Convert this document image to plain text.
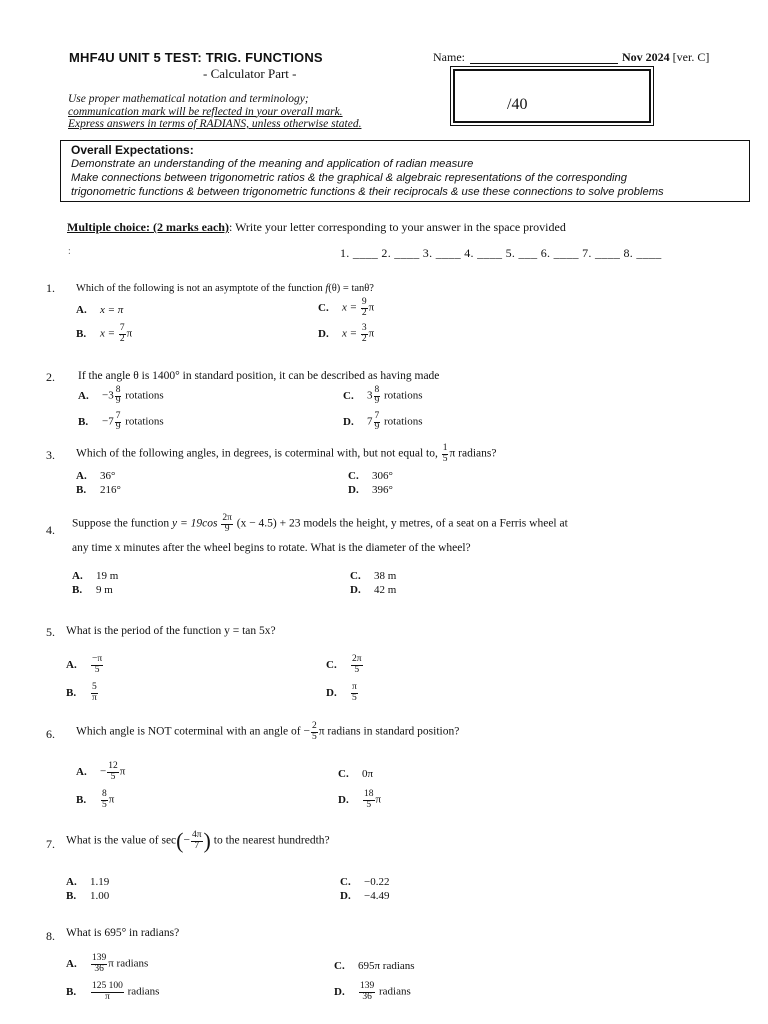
MHF4U UNIT 5 TEST: TRIG. FUNCTIONS
- Calculator Part -
Name:	Nov 2024 [ver. C]
/40
Use proper mathematical notation and terminology;
communication mark will be reflected in your overall mark.
Express answers in terms of RADIANS, unless otherwise stated.
Overall Expectations:
Demonstrate an understanding of the meaning and application of radian measure
Make connections between trigonometric ratios & the graphical & algebraic representations of the corresponding
trigonometric functions & between trigonometric functions & their reciprocals & use these connections to solve problems
Multiple choice: (2 marks each): Write your letter corresponding to your answer in the space provided
:	1. ____ 2. ____ 3. ____ 4. ____ 5. ___ 6. ____ 7. ____ 8. ____
1. Which of the following is not an asymptote of the function f(θ) = tanθ?
A. x = π
B. $x = \frac{7}{2}$ π
C. $x = \frac{9}{2}$ π
D. $x = \frac{3}{2}$ π
2. If the angle θ is 1400° in standard position, it can be described as having made
A. $-3 \frac{8}{9}$ rotations
B. $-7 \frac{7}{9}$ rotations
C. $3 \frac{8}{9}$ rotations
D. $7 \frac{7}{9}$ rotations
3. Which of the following angles, in degrees, is coterminal with, but not equal to, $\frac{1}{5}$ π radians?
A. 36°
B. 216°
C. 306°
D. 396°
4. Suppose the function $y = 19\cos \frac{2\pi}{9} (x - 4.5) + 23$ models the height, y metres, of a seat on a Ferris wheel at
any time x minutes after the wheel begins to rotate. What is the diameter of the wheel?
A. 19 m
B. 9 m
C. 38 m
D. 42 m
5. What is the period of the function y = tan 5x?
A. $\frac{-\pi}{5}$
B. $\frac{5}{\pi}$
C. $\frac{2\pi}{5}$
D. $\frac{\pi}{5}$
6. Which angle is NOT coterminal with an angle of − $\frac{2}{5}$ π radians in standard position?
A. − $\frac{12}{5}$ π
B. $\frac{8}{5}$ π
C. 0π
D. $\frac{18}{5}$ π
7. What is the value of $\sec(- \frac{4\pi}{7}$ ) to the nearest hundredth?
A. 1.19
B. 1.00
C. −0.22
D. −4.49
8. What is 695° in radians?
A. $\frac{139}{36}$ π radians
B. $\frac{125 100}{\pi}$ radians
C. 695π radians
D. $\frac{139}{36}$ radians
